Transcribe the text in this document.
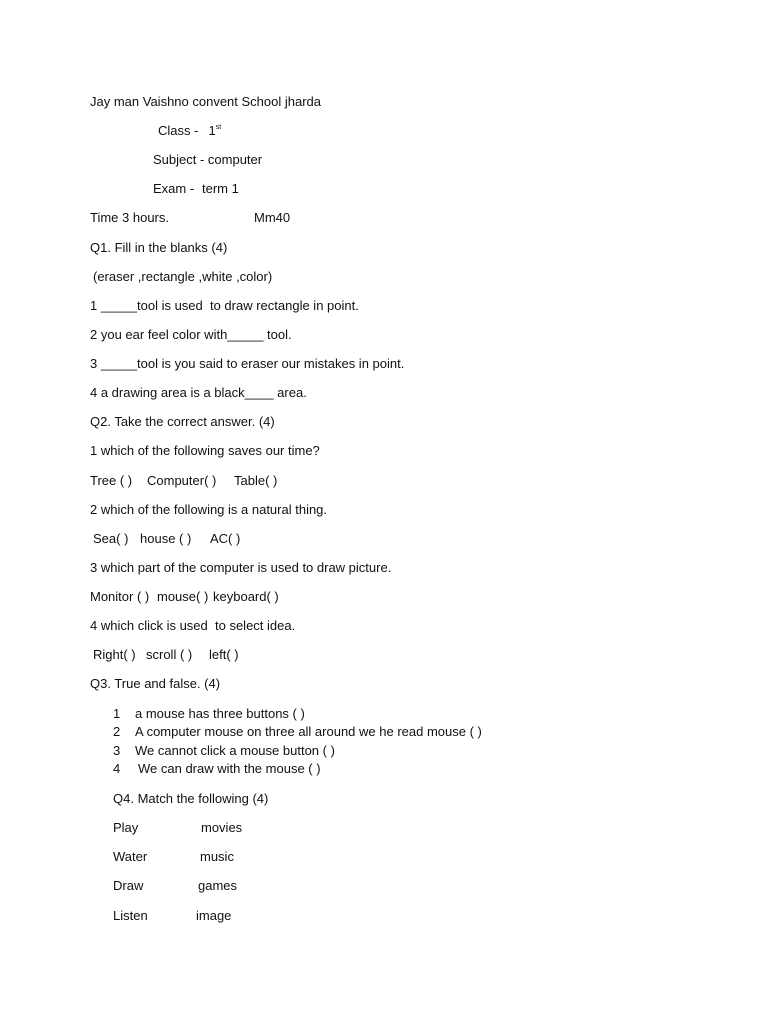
Jay man Vaishno convent School jharda
Class - 1st
Subject - computer
Exam - term 1
Time 3 hours.	Mm40
Q1. Fill in the blanks (4)
(eraser ,rectangle ,white ,color)
1 _____tool is used  to draw rectangle in point.
2 you ear feel color with_____ tool.
3 _____tool is you said to eraser our mistakes in point.
4 a drawing area is a black____ area.
Q2. Take the correct answer. (4)
1 which of the following saves our time?
Tree ( ) Computer( ) Table( )
2 which of the following is a natural thing.
Sea( ) house ( ) AC( )
3 which part of the computer is used to draw picture.
Monitor ( ) mouse( ) keyboard( )
4 which click is used  to select idea.
Right( ) scroll ( ) left( )
Q3. True and false. (4)
1 a mouse has three buttons ( )
2 A computer mouse on three all around we he read mouse ( )
3 We cannot click a mouse button ( )
4 We can draw with the mouse ( )
Q4. Match the following (4)
Play	movies
Water	music
Draw	games
Listen	image
